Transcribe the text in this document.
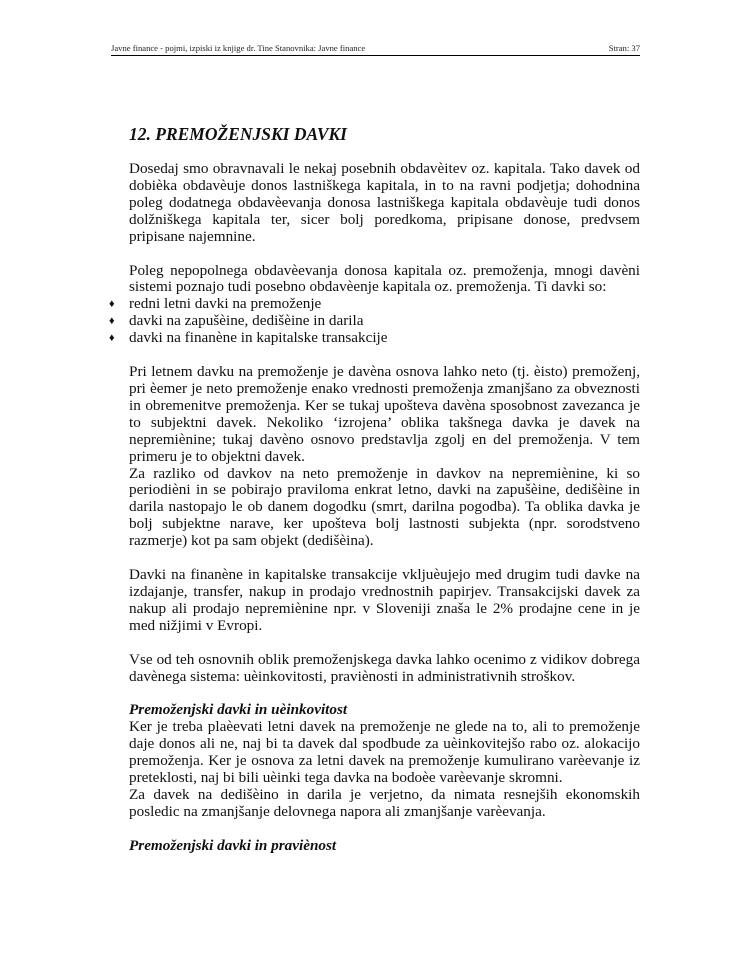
Javne finance - pojmi, izpiski iz knjige dr. Tine Stanovnika: Javne finance	Stran: 37
12. PREMOŽENJSKI DAVKI

Dosedaj smo obravnavali le nekaj posebnih obdavèitev oz. kapitala. Tako davek od dobièka obdavèuje donos lastniškega kapitala, in to na ravni podjetja; dohodnina poleg dodatnega obdavèevanja donosa lastniškega kapitala obdavèuje tudi donos dolžniškega kapitala ter, sicer bolj poredkoma, pripisane donose, predvsem pripisane najemnine.

Poleg nepopolnega obdavèevanja donosa kapitala oz. premoženja, mnogi davèni sistemi poznajo tudi posebno obdavèenje kapitala oz. premoženja. Ti davki so:

♦ redni letni davki na premoženje
♦ davki na zapušèine, dedišèine in darila
♦ davki na finanène in kapitalske transakcije

Pri letnem davku na premoženje je davèna osnova lahko neto (tj. èisto) premoženj, pri èemer je neto premoženje enako vrednosti premoženja zmanjšano za obveznosti in obremenitve premoženja. Ker se tukaj upošteva davèna sposobnost zavezanca je to subjektni davek. Nekoliko ‘izrojena’ oblika takšnega davka je davek na nepremiènine; tukaj davèno osnovo predstavlja zgolj en del premoženja. V tem primeru je to objektni davek.

Za razliko od davkov na neto premoženje in davkov na nepremiènine, ki so periodièni in se pobirajo praviloma enkrat letno, davki na zapušèine, dedišèine in darila nastopajo le ob danem dogodku (smrt, darilna pogodba). Ta oblika davka je bolj subjektne narave, ker upošteva bolj lastnosti subjekta (npr. sorodstveno razmerje) kot pa sam objekt (dedišèina).

Davki na finanène in kapitalske transakcije vkljuèujejo med drugim tudi davke na izdajanje, transfer, nakup in prodajo vrednostnih papirjev. Transakcijski davek za nakup ali prodajo nepremiènine npr. v Sloveniji znaša le 2% prodajne cene in je med nižjimi v Evropi.

Vse od teh osnovnih oblik premoženjskega davka lahko ocenimo z vidikov dobrega davènega sistema: uèinkovitosti, praviènosti in administrativnih stroškov.

Premoženjski davki in uèinkovitost

Ker je treba plaèevati letni davek na premoženje ne glede na to, ali to premoženje daje donos ali ne, naj bi ta davek dal spodbude za uèinkovitejšo rabo oz. alokacijo premoženja. Ker je osnova za letni davek na premoženje kumulirano varèevanje iz preteklosti, naj bi bili uèinki tega davka na bodoèe varèevanje skromni.

Za davek na dedišèino in darila je verjetno, da nimata resnejših ekonomskih posledic na zmanjšanje delovnega napora ali zmanjšanje varèevanja.

Premoženjski davki in praviènost
